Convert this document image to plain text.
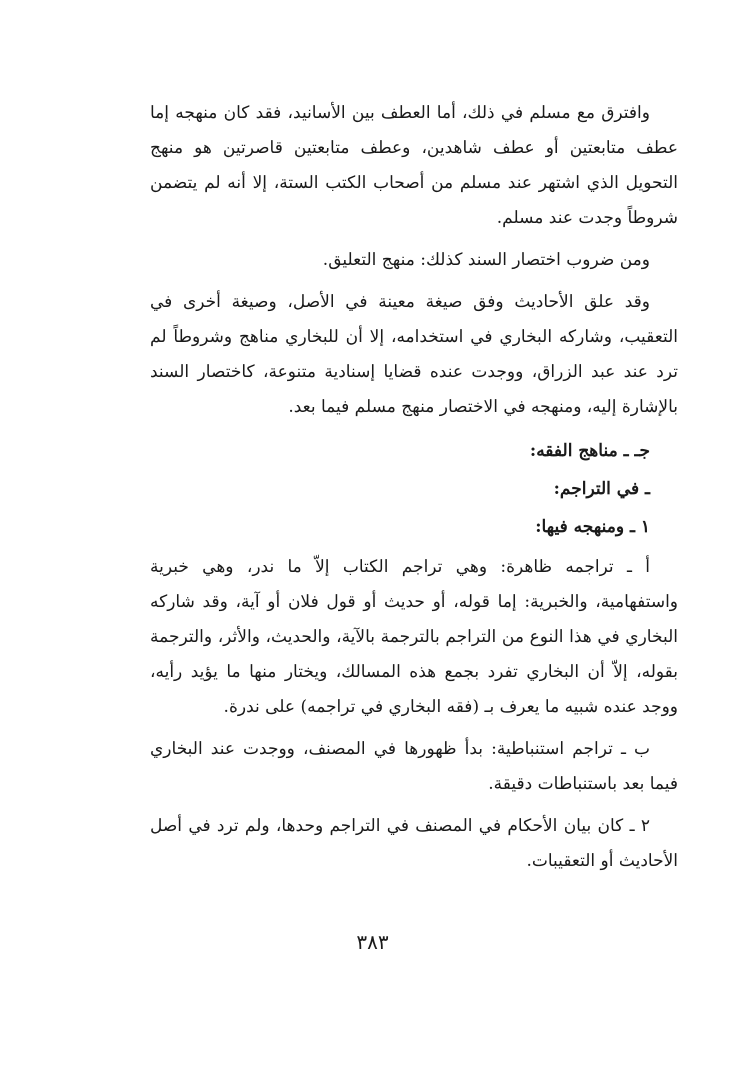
وافترق مع مسلم في ذلك، أما العطف بين الأسانيد، فقد كان منهجه إما عطف متابعتين أو عطف شاهدين، وعطف متابعتين قاصرتين هو منهج التحويل الذي اشتهر عند مسلم من أصحاب الكتب الستة، إلا أنه لم يتضمن شروطاً وجدت عند مسلم.

ومن ضروب اختصار السند كذلك: منهج التعليق.

وقد علق الأحاديث وفق صيغة معينة في الأصل، وصيغة أخرى في التعقيب، وشاركه البخاري في استخدامه، إلا أن للبخاري مناهج وشروطاً لم ترد عند عبد الزراق، ووجدت عنده قضايا إسنادية متنوعة، كاختصار السند بالإشارة إليه، ومنهجه في الاختصار منهج مسلم فيما بعد.

جـ ـ مناهج الفقه:

ـ في التراجم:

١ ـ ومنهجه فيها:

أ ـ تراجمه ظاهرة: وهي تراجم الكتاب إلاّ ما ندر، وهي خبرية واستفهامية، والخبرية: إما قوله، أو حديث أو قول فلان أو آية، وقد شاركه البخاري في هذا النوع من التراجم بالترجمة بالآية، والحديث، والأثر، والترجمة بقوله، إلاّ أن البخاري تفرد بجمع هذه المسالك، ويختار منها ما يؤيد رأيه، ووجد عنده شبيه ما يعرف بـ (فقه البخاري في تراجمه) على ندرة.

ب ـ تراجم استنباطية: بدأ ظهورها في المصنف، ووجدت عند البخاري فيما بعد باستنباطات دقيقة.

٢ ـ كان بيان الأحكام في المصنف في التراجم وحدها، ولم ترد في أصل الأحاديث أو التعقيبات.

٣٨٣
